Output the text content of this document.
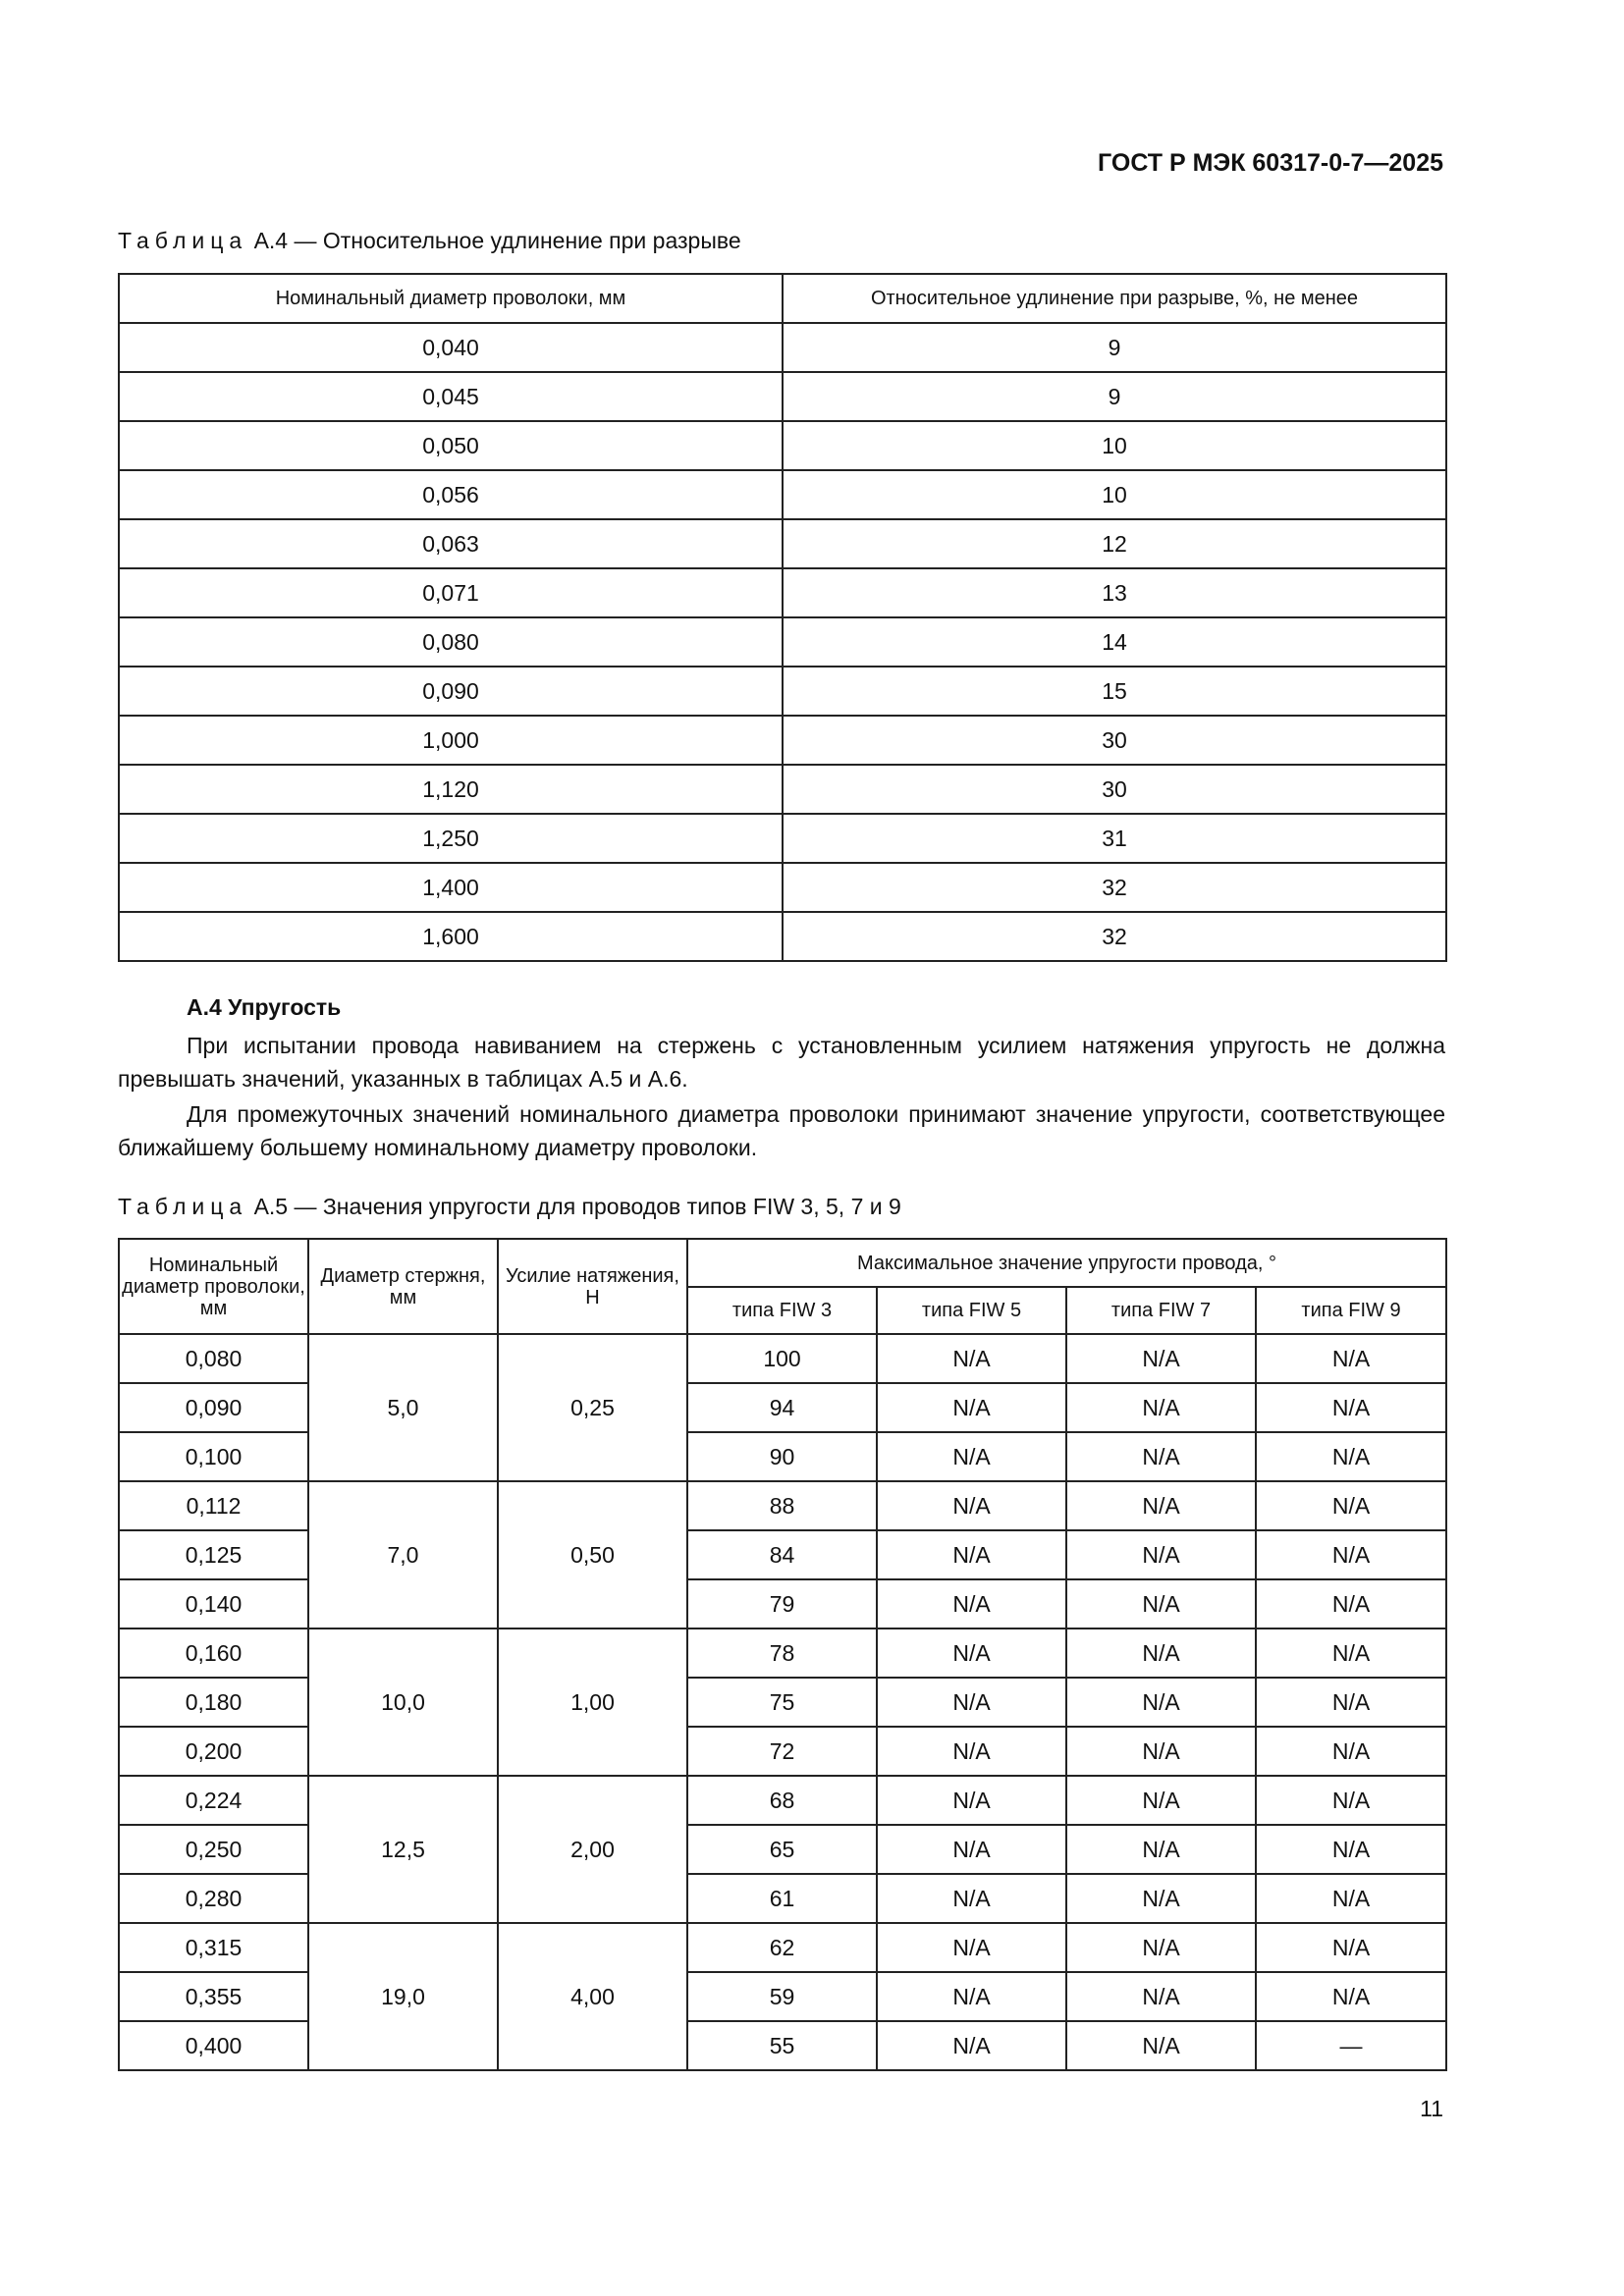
ГОСТ Р МЭК 60317-0-7—2025
Таблица А.4 — Относительное удлинение при разрыве
Номинальный диаметр проволоки, мм	Относительное удлинение при разрыве, %, не менее
0,040	9
0,045	9
0,050	10
0,056	10
0,063	12
0,071	13
0,080	14
0,090	15
1,000	30
1,120	30
1,250	31
1,400	32
1,600	32
А.4 Упругость

При испытании провода навиванием на стержень с установленным усилием натяжения упругость не должна превышать значений, указанных в таблицах А.5 и А.6.

Для промежуточных значений номинального диаметра проволоки принимают значение упругости, соответствующее ближайшему большему номинальному диаметру проволоки.

Таблица А.5 — Значения упругости для проводов типов FIW 3, 5, 7 и 9
Номинальный диаметр проволоки, мм	Диаметр стержня, мм	Усилие натяжения, Н	Максимальное значение упругости провода, °			
			типа FIW 3	типа FIW 5	типа FIW 7	типа FIW 9
0,080	5,0	0,25	100	N/A	N/A	N/A
0,090			94	N/A	N/A	N/A
0,100			90	N/A	N/A	N/A
0,112	7,0	0,50	88	N/A	N/A	N/A
0,125			84	N/A	N/A	N/A
0,140			79	N/A	N/A	N/A
0,160	10,0	1,00	78	N/A	N/A	N/A
0,180			75	N/A	N/A	N/A
0,200			72	N/A	N/A	N/A
0,224	12,5	2,00	68	N/A	N/A	N/A
0,250			65	N/A	N/A	N/A
0,280			61	N/A	N/A	N/A
0,315	19,0	4,00	62	N/A	N/A	N/A
0,355			59	N/A	N/A	N/A
0,400			55	N/A	N/A	—
11
